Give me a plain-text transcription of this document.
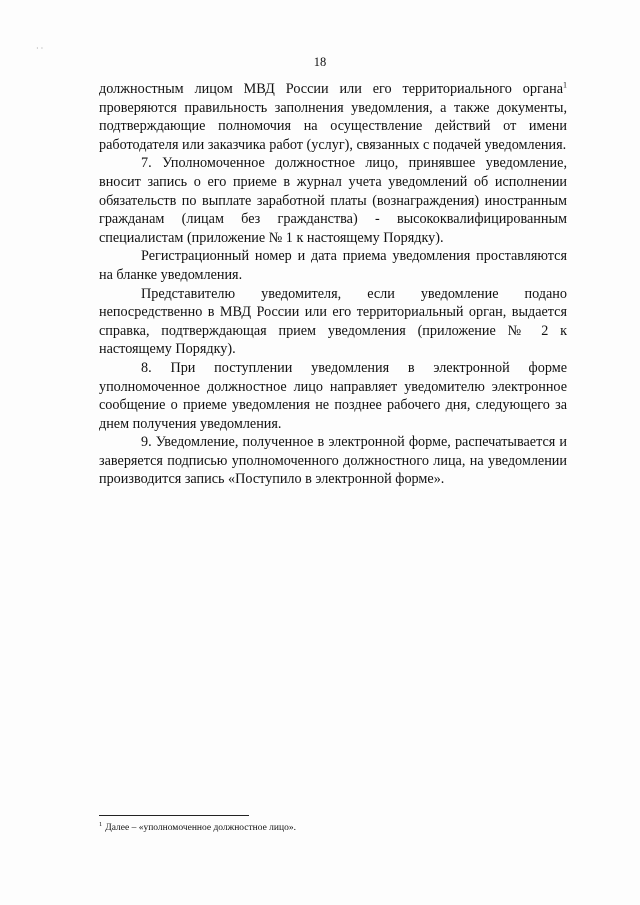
· ·
18

должностным лицом МВД России или его территориального органа$^1$ проверяются правильность заполнения уведомления, а также документы, подтверждающие полномочия на осуществление действий от имени работодателя или заказчика работ (услуг), связанных с подачей уведомления.

7. Уполномоченное должностное лицо, принявшее уведомление, вносит запись о его приеме в журнал учета уведомлений об исполнении обязательств по выплате заработной платы (вознаграждения) иностранным гражданам (лицам без гражданства) - высококвалифицированным специалистам (приложение № 1 к настоящему Порядку).

Регистрационный номер и дата приема уведомления проставляются на бланке уведомления.

Представителю уведомителя, если уведомление подано непосредственно в МВД России или его территориальный орган, выдается справка, подтверждающая прием уведомления (приложение № 2 к настоящему Порядку).

8. При поступлении уведомления в электронной форме уполномоченное должностное лицо направляет уведомителю электронное сообщение о приеме уведомления не позднее рабочего дня, следующего за днем получения уведомления.

9. Уведомление, полученное в электронной форме, распечатывается и заверяется подписью уполномоченного должностного лица, на уведомлении производится запись «Поступило в электронной форме».

$^1$ Далее – «уполномоченное должностное лицо».
